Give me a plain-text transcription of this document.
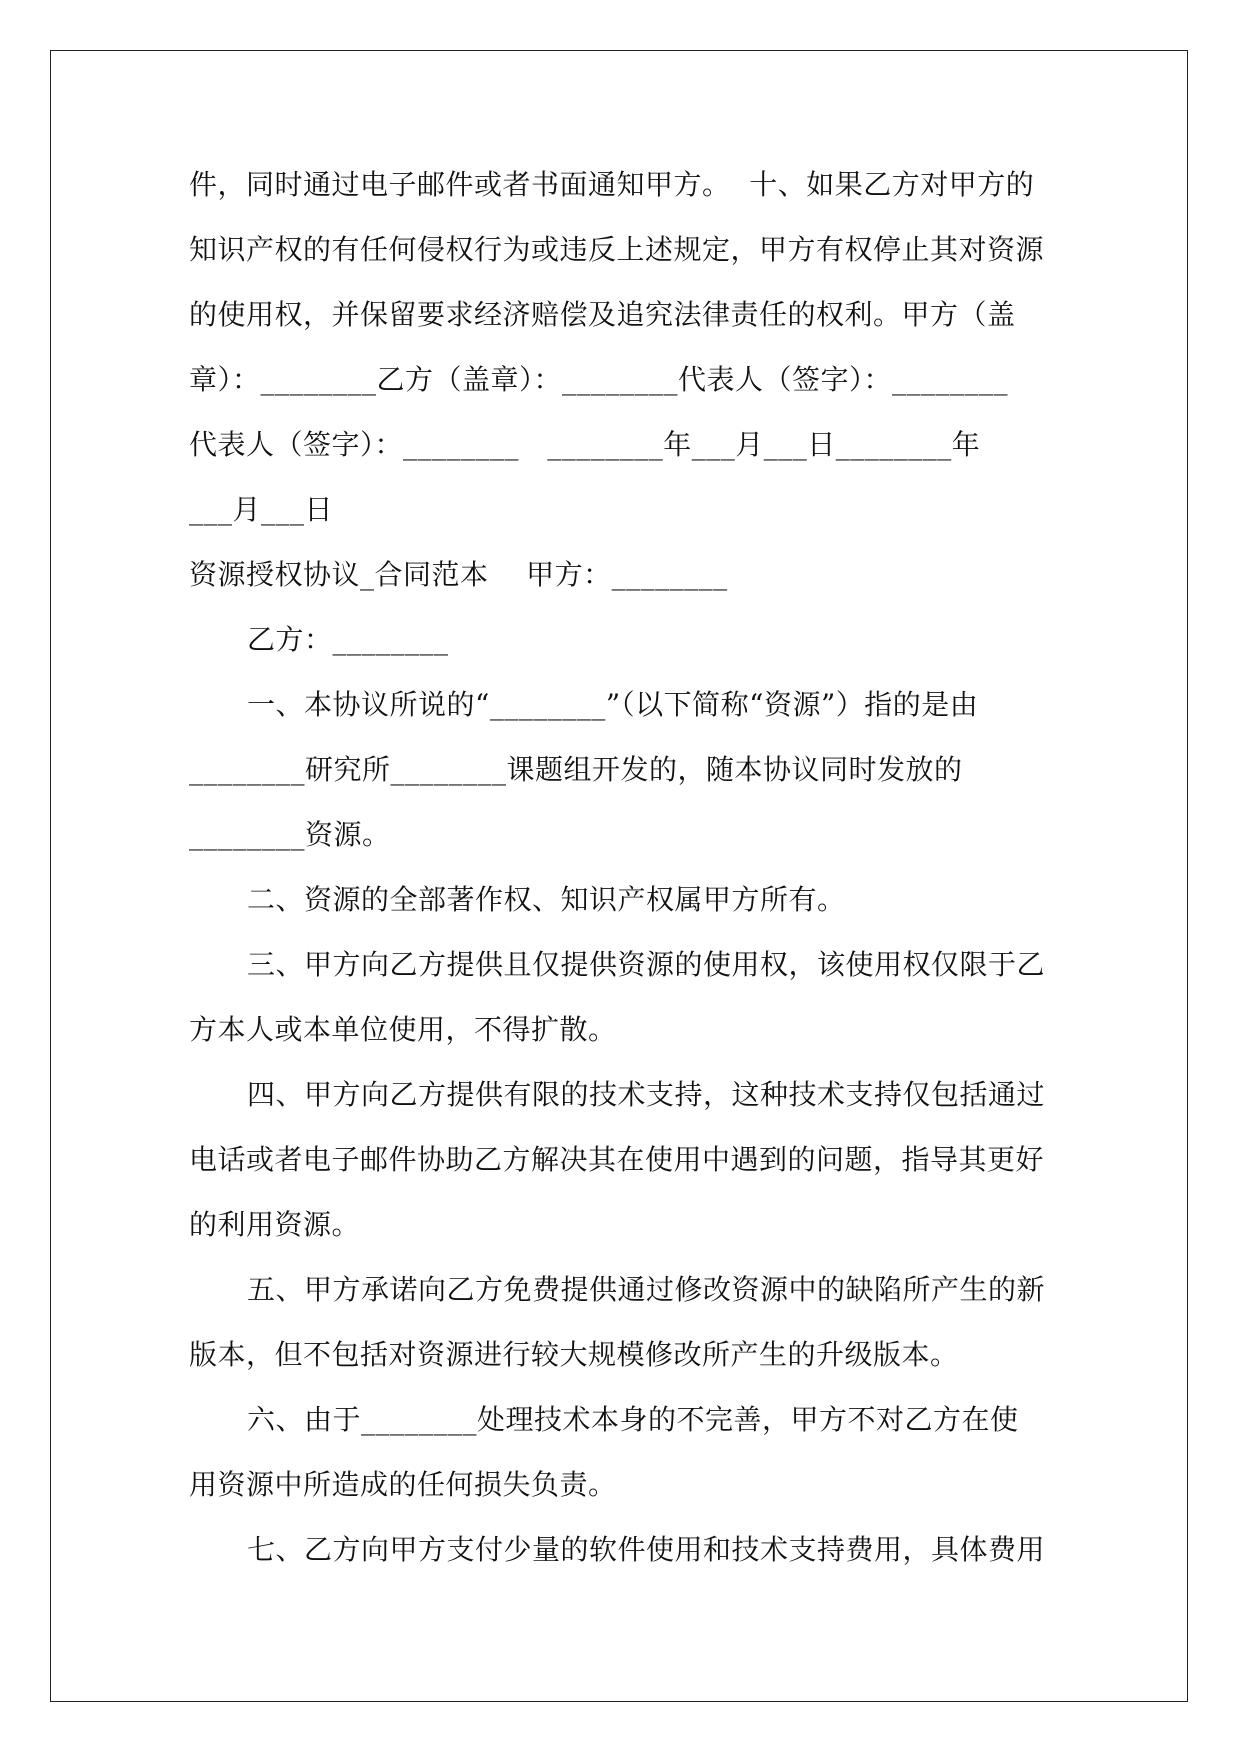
件，同时通过电子邮件或者书面通知甲方。  十、如果乙方对甲方的
知识产权的有任何侵权行为或违反上述规定，甲方有权停止其对资源
的使用权，并保留要求经济赔偿及追究法律责任的权利。甲方（盖
章）：________乙方（盖章）：________代表人（签字）：________
代表人（签字）：________   ________年___月___日________年
___月___日
资源授权协议_合同范本    甲方：________
乙方：________
一、本协议所说的“________”（以下简称“资源”）指的是由
________研究所________课题组开发的，随本协议同时发放的
________资源。
二、资源的全部著作权、知识产权属甲方所有。
三、甲方向乙方提供且仅提供资源的使用权，该使用权仅限于乙
方本人或本单位使用，不得扩散。
四、甲方向乙方提供有限的技术支持，这种技术支持仅包括通过
电话或者电子邮件协助乙方解决其在使用中遇到的问题，指导其更好
的利用资源。
五、甲方承诺向乙方免费提供通过修改资源中的缺陷所产生的新
版本，但不包括对资源进行较大规模修改所产生的升级版本。
六、由于________处理技术本身的不完善，甲方不对乙方在使
用资源中所造成的任何损失负责。
七、乙方向甲方支付少量的软件使用和技术支持费用，具体费用
